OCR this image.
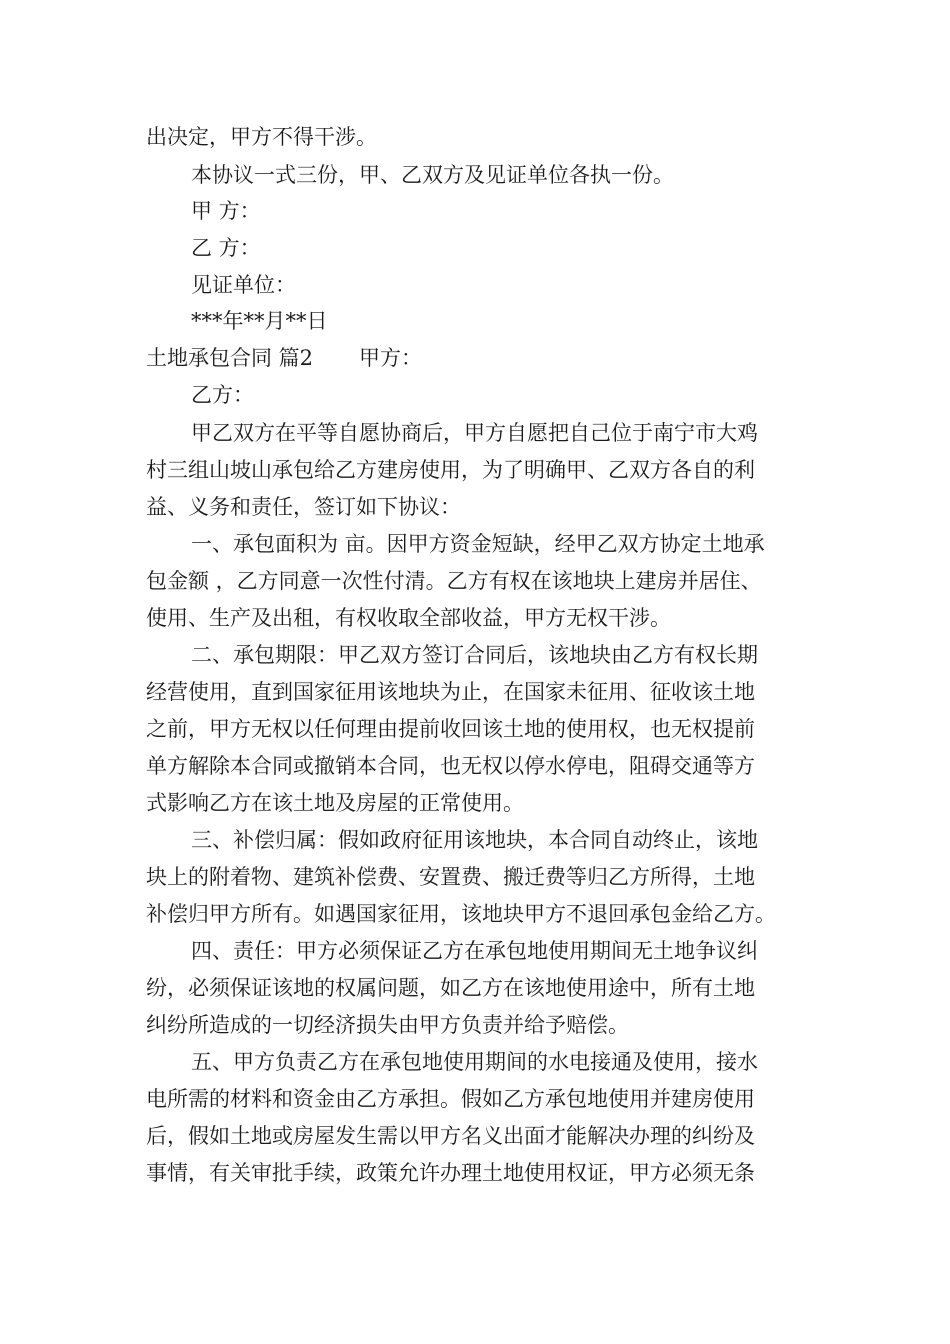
出决定，甲方不得干涉。
本协议一式三份，甲、乙双方及见证单位各执一份。
甲 方：
乙 方：
见证单位：
***年**月**日
土地承包合同 篇2 甲方：
乙方：
甲乙双方在平等自愿协商后，甲方自愿把自己位于南宁市大鸡
村三组山坡山承包给乙方建房使用，为了明确甲、乙双方各自的利
益、义务和责任，签订如下协议：
一、承包面积为 亩。因甲方资金短缺，经甲乙双方协定土地承
包金额 ，乙方同意一次性付清。乙方有权在该地块上建房并居住、
使用、生产及出租，有权收取全部收益，甲方无权干涉。
二、承包期限：甲乙双方签订合同后，该地块由乙方有权长期
经营使用，直到国家征用该地块为止，在国家未征用、征收该土地
之前，甲方无权以任何理由提前收回该土地的使用权，也无权提前
单方解除本合同或撤销本合同，也无权以停水停电，阻碍交通等方
式影响乙方在该土地及房屋的正常使用。
三、补偿归属：假如政府征用该地块，本合同自动终止，该地
块上的附着物、建筑补偿费、安置费、搬迁费等归乙方所得，土地
补偿归甲方所有。如遇国家征用，该地块甲方不退回承包金给乙方。
四、责任：甲方必须保证乙方在承包地使用期间无土地争议纠
纷，必须保证该地的权属问题，如乙方在该地使用途中，所有土地
纠纷所造成的一切经济损失由甲方负责并给予赔偿。
五、甲方负责乙方在承包地使用期间的水电接通及使用，接水
电所需的材料和资金由乙方承担。假如乙方承包地使用并建房使用
后，假如土地或房屋发生需以甲方名义出面才能解决办理的纠纷及
事情，有关审批手续，政策允许办理土地使用权证，甲方必须无条
